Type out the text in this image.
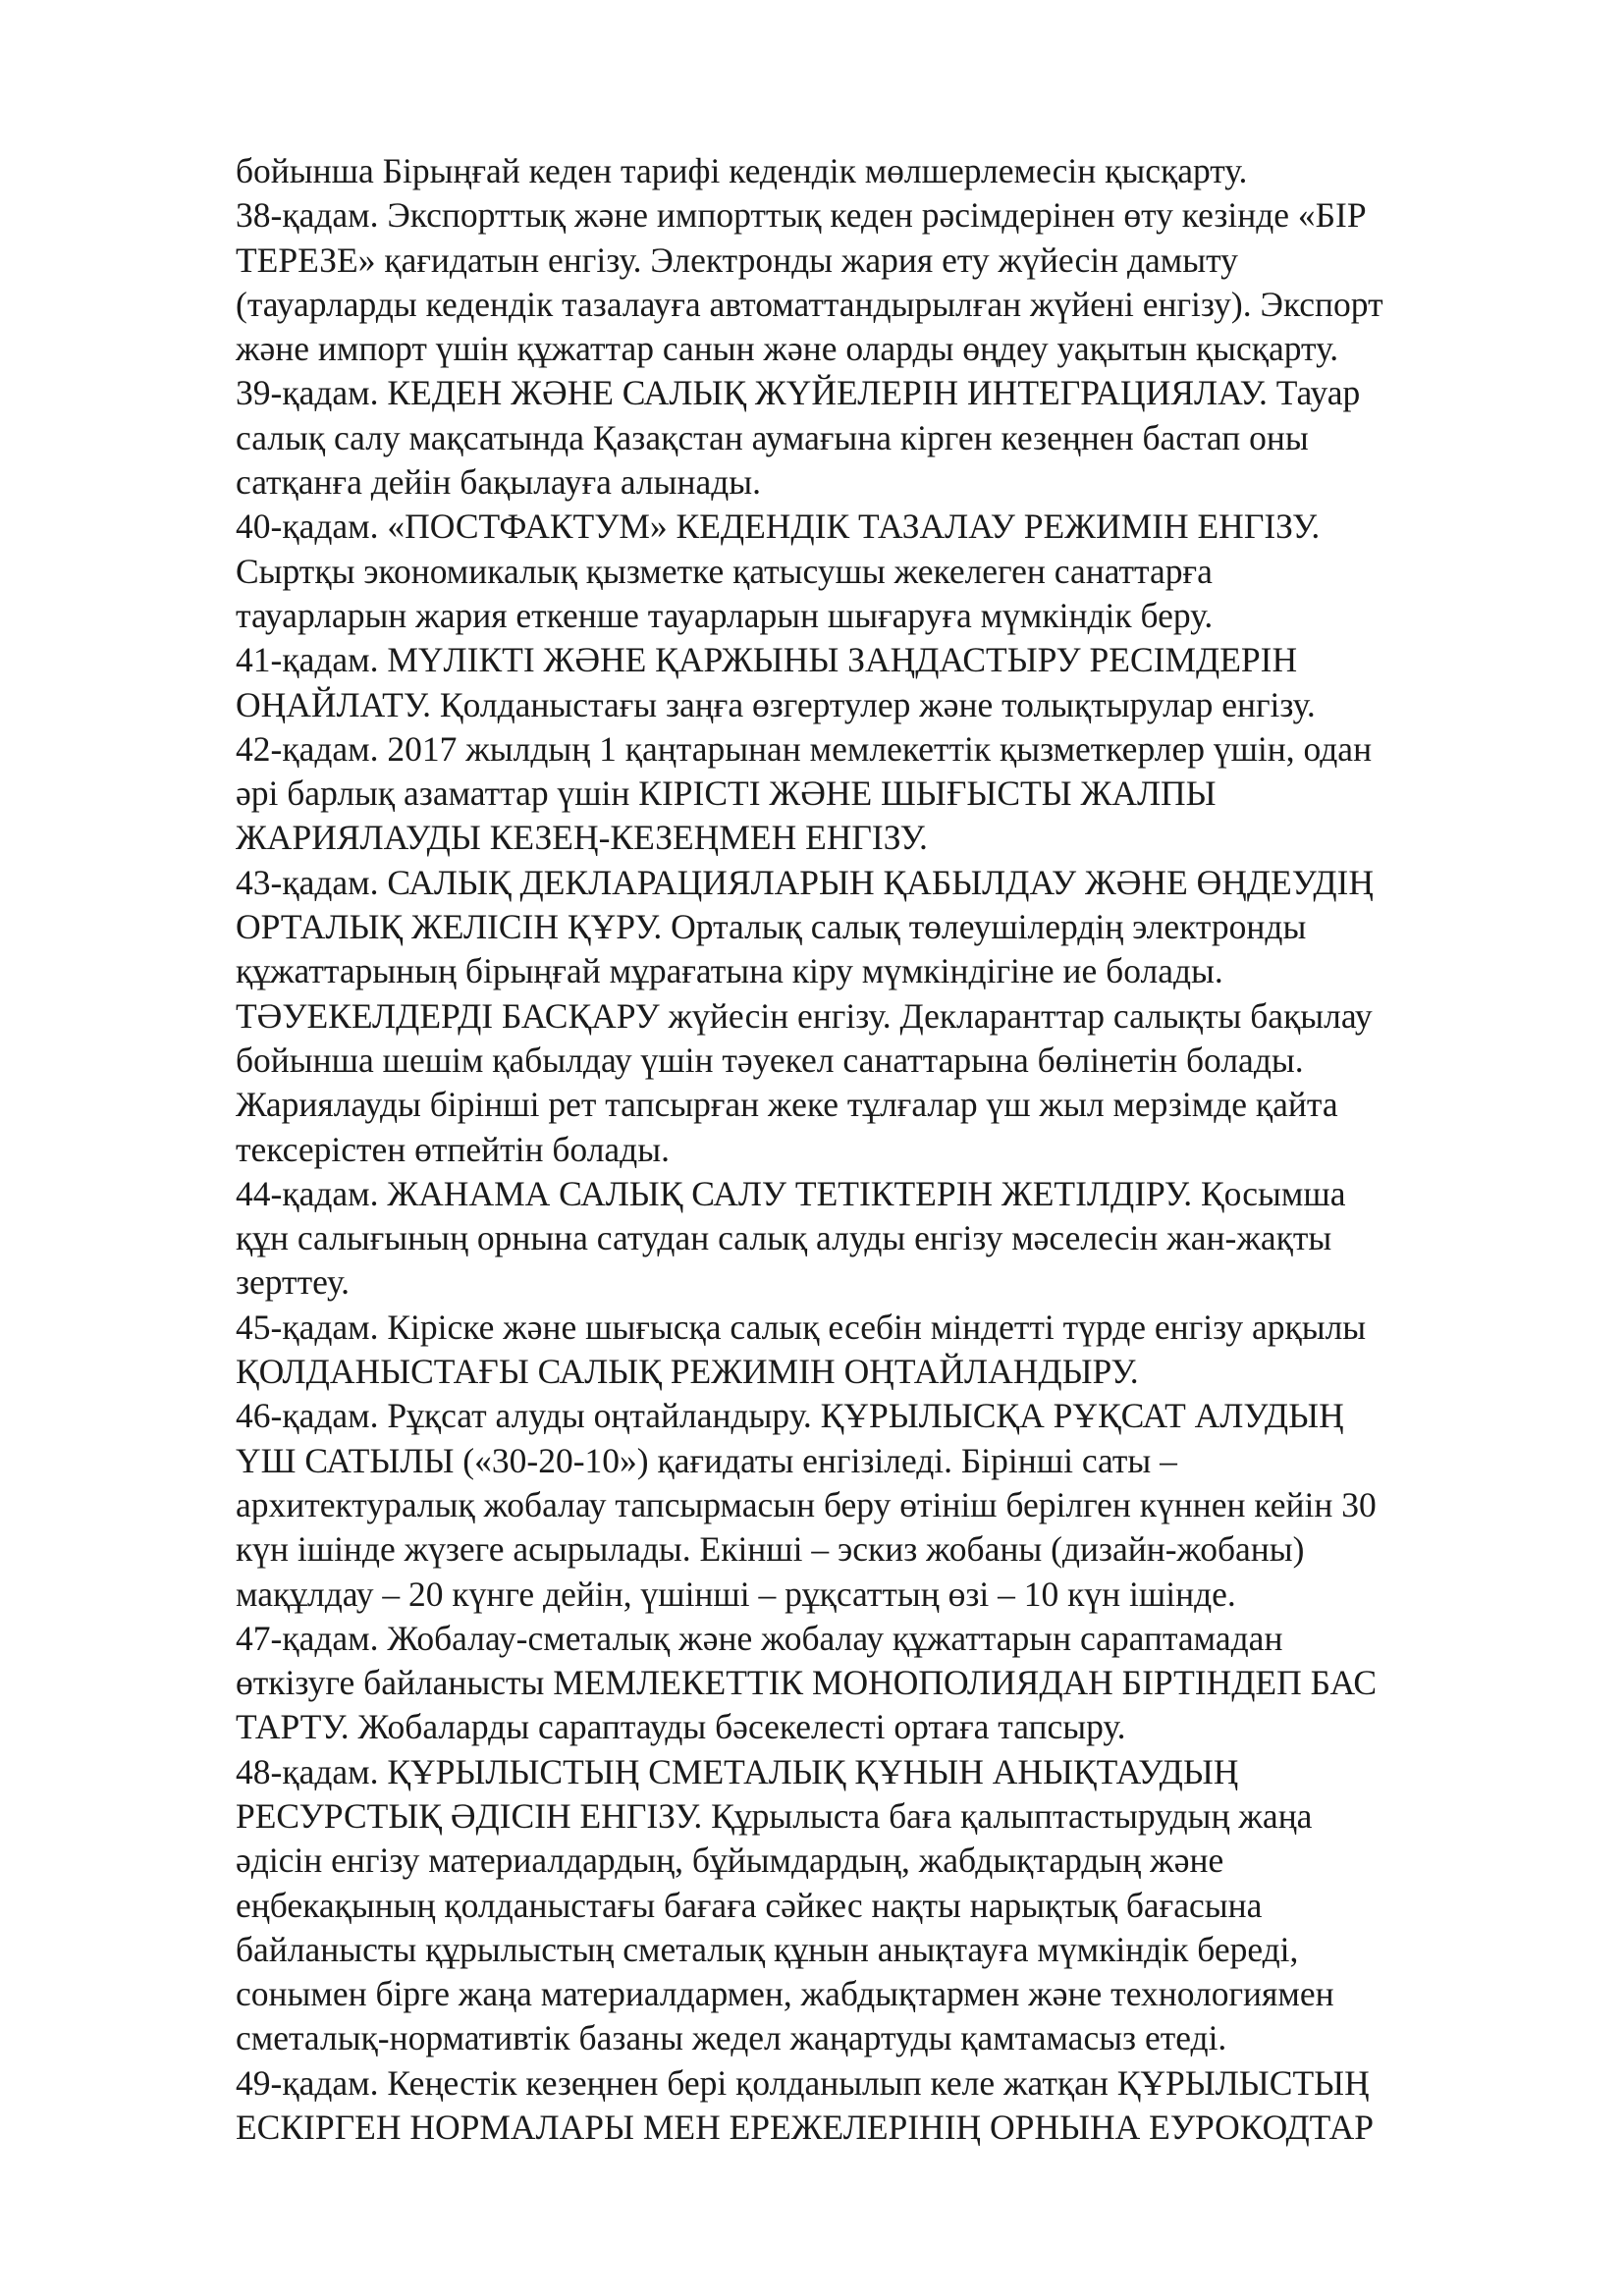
бойынша Бірыңғай кеден тарифі кедендік мөлшерлемесін қысқарту.
38-қадам. Экспорттық және импорттық кеден рәсімдерінен өту кезінде «БІР
ТЕРЕЗЕ» қағидатын енгізу. Электронды жария ету жүйесін дамыту
(тауарларды кедендік тазалауға автоматтандырылған жүйені енгізу). Экспорт
және импорт үшін құжаттар санын және оларды өңдеу уақытын қысқарту.
39-қадам. КЕДЕН ЖӘНЕ САЛЫҚ ЖҮЙЕЛЕРІН ИНТЕГРАЦИЯЛАУ. Тауар
салық салу мақсатында Қазақстан аумағына кірген кезеңнен бастап оны
сатқанға дейін бақылауға алынады.
40-қадам. «ПОСТФАКТУМ» КЕДЕНДІК ТАЗАЛАУ РЕЖИМІН ЕНГІЗУ.
Сыртқы экономикалық қызметке қатысушы жекелеген санаттарға
тауарларын жария еткенше тауарларын шығаруға мүмкіндік беру.
41-қадам. МҮЛІКТІ ЖӘНЕ ҚАРЖЫНЫ ЗАҢДАСТЫРУ РЕСІМДЕРІН
ОҢАЙЛАТУ. Қолданыстағы заңға өзгертулер және толықтырулар енгізу.
42-қадам. 2017 жылдың 1 қаңтарынан мемлекеттік қызметкерлер үшін, одан
әрі барлық азаматтар үшін КІРІСТІ ЖӘНЕ ШЫҒЫСТЫ ЖАЛПЫ
ЖАРИЯЛАУДЫ КЕЗЕҢ-КЕЗЕҢМЕН ЕНГІЗУ.
43-қадам. САЛЫҚ ДЕКЛАРАЦИЯЛАРЫН ҚАБЫЛДАУ ЖӘНЕ ӨҢДЕУДІҢ
ОРТАЛЫҚ ЖЕЛІСІН ҚҰРУ. Орталық салық төлеушілердің электронды
құжаттарының бірыңғай мұрағатына кіру мүмкіндігіне ие болады.
ТӘУЕКЕЛДЕРДІ БАСҚАРУ жүйесін енгізу. Декларанттар салықты бақылау
бойынша шешім қабылдау үшін тәуекел санаттарына бөлінетін болады.
Жариялауды бірінші рет тапсырған жеке тұлғалар үш жыл мерзімде қайта
тексерістен өтпейтін болады.
44-қадам. ЖАНАМА САЛЫҚ САЛУ ТЕТІКТЕРІН ЖЕТІЛДІРУ. Қосымша
құн салығының орнына сатудан салық алуды енгізу мәселесін жан-жақты
зерттеу.
45-қадам. Кіріске және шығысқа салық есебін міндетті түрде енгізу арқылы
ҚОЛДАНЫСТАҒЫ САЛЫҚ РЕЖИМІН ОҢТАЙЛАНДЫРУ.
46-қадам. Рұқсат алуды оңтайландыру. ҚҰРЫЛЫСҚА РҰҚСАТ АЛУДЫҢ
ҮШ САТЫЛЫ («30-20-10») қағидаты енгізіледі. Бірінші саты –
архитектуралық жобалау тапсырмасын беру өтініш берілген күннен кейін 30
күн ішінде жүзеге асырылады. Екінші – эскиз жобаны (дизайн-жобаны)
мақұлдау – 20 күнге дейін, үшінші – рұқсаттың өзі – 10 күн ішінде.
47-қадам. Жобалау-сметалық және жобалау құжаттарын сараптамадан
өткізуге байланысты МЕМЛЕКЕТТІК МОНОПОЛИЯДАН БІРТІНДЕП БАС
ТАРТУ. Жобаларды сараптауды бәсекелесті ортаға тапсыру.
48-қадам. ҚҰРЫЛЫСТЫҢ СМЕТАЛЫҚ ҚҰНЫН АНЫҚТАУДЫҢ
РЕСУРСТЫҚ ӘДІСІН ЕНГІЗУ. Құрылыста баға қалыптастырудың жаңа
әдісін енгізу материалдардың, бұйымдардың, жабдықтардың және
еңбекақының қолданыстағы бағаға сәйкес нақты нарықтық бағасына
байланысты құрылыстың сметалық құнын анықтауға мүмкіндік береді,
сонымен бірге жаңа материалдармен, жабдықтармен және технологиямен
сметалық-нормативтік базаны жедел жаңартуды қамтамасыз етеді.
49-қадам. Кеңестік кезеңнен бері қолданылып келе жатқан ҚҰРЫЛЫСТЫҢ
ЕСКІРГЕН НОРМАЛАРЫ МЕН ЕРЕЖЕЛЕРІНІҢ ОРНЫНА ЕУРОКОДТАР
